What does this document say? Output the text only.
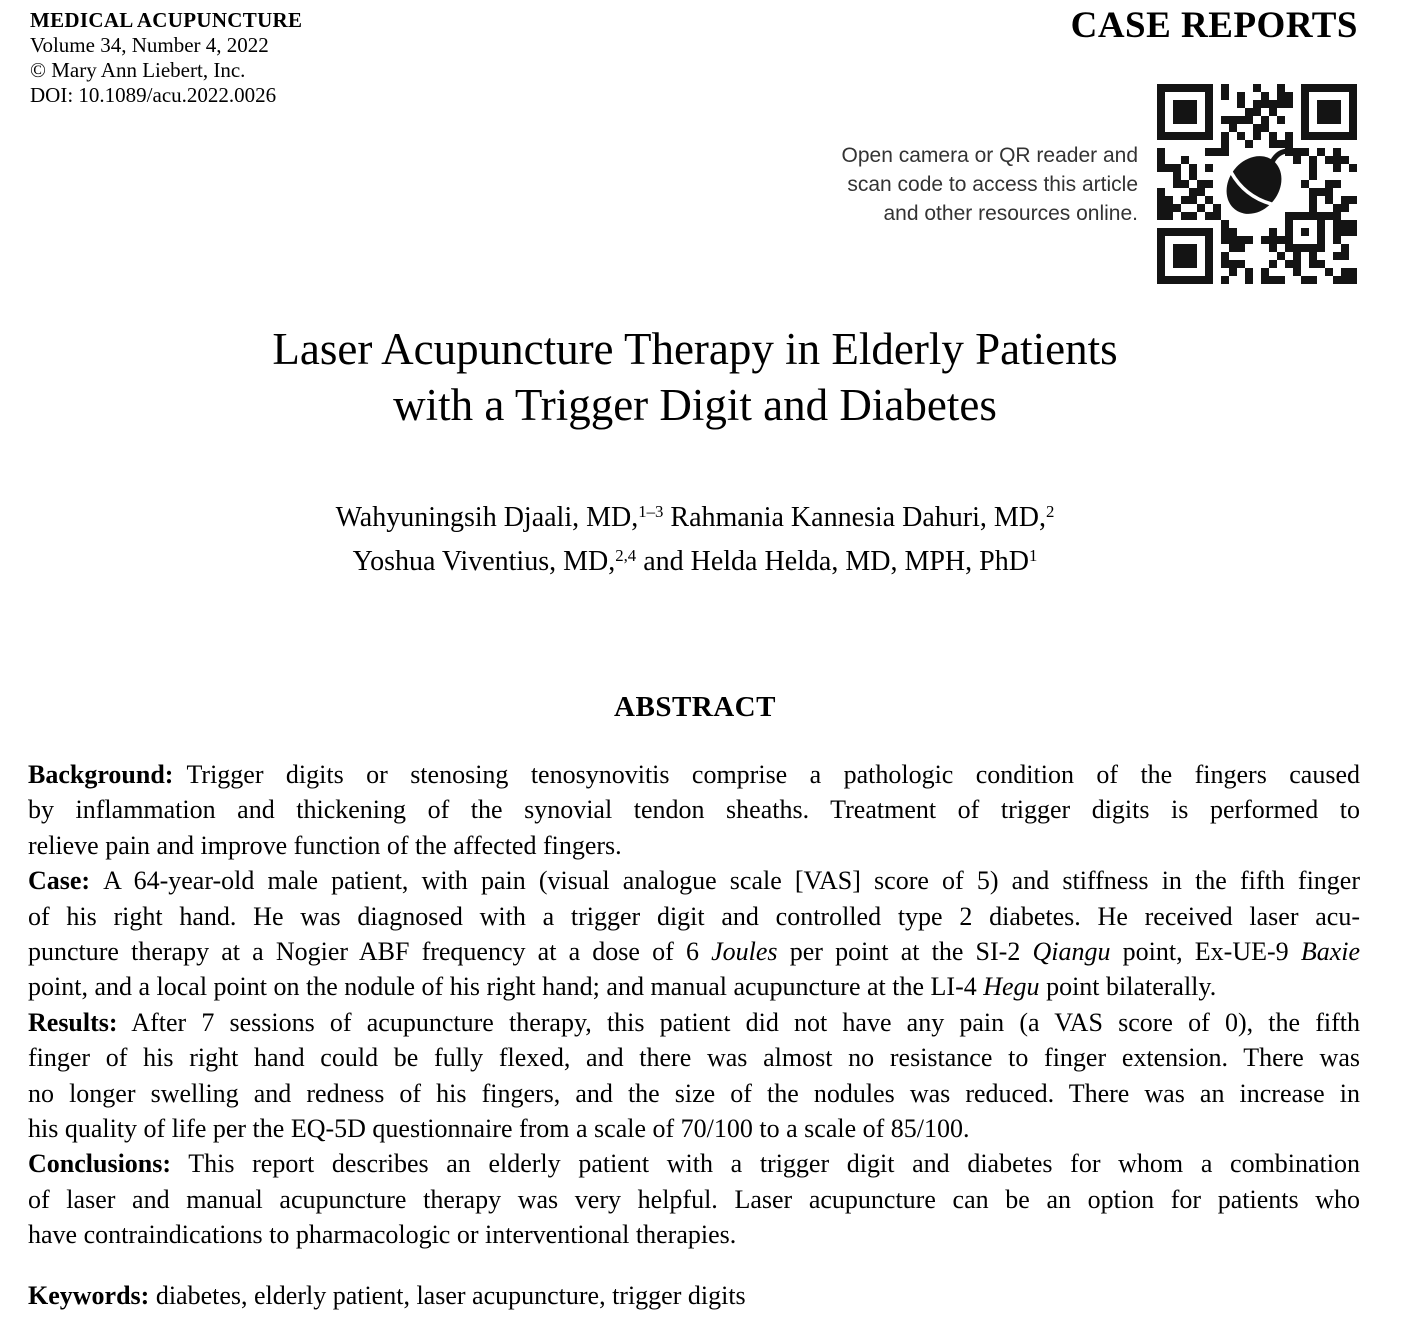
MEDICAL ACUPUNCTURE
Volume 34, Number 4, 2022
© Mary Ann Liebert, Inc.
DOI: 10.1089/acu.2022.0026
CASE REPORTS
Open camera or QR reader and
scan code to access this article
and other resources online.
Laser Acupuncture Therapy in Elderly Patients
with a Trigger Digit and Diabetes
Wahyuningsih Djaali, MD,$^{1-3}$ Rahmania Kannesia Dahuri, MD,$^2$
Yoshua Viventius, MD,$^{2,4}$ and Helda Helda, MD, MPH, PhD$^1$
ABSTRACT
Background: Trigger digits or stenosing tenosynovitis comprise a pathologic condition of the fingers caused
by inflammation and thickening of the synovial tendon sheaths. Treatment of trigger digits is performed to
relieve pain and improve function of the affected fingers.
Case: A 64-year-old male patient, with pain (visual analogue scale [VAS] score of 5) and stiffness in the fifth finger
of his right hand. He was diagnosed with a trigger digit and controlled type 2 diabetes. He received laser acu-
puncture therapy at a Nogier ABF frequency at a dose of 6 Joules per point at the SI-2 Qiangu point, Ex-UE-9 Baxie
point, and a local point on the nodule of his right hand; and manual acupuncture at the LI-4 Hegu point bilaterally.
Results: After 7 sessions of acupuncture therapy, this patient did not have any pain (a VAS score of 0), the fifth
finger of his right hand could be fully flexed, and there was almost no resistance to finger extension. There was
no longer swelling and redness of his fingers, and the size of the nodules was reduced. There was an increase in
his quality of life per the EQ-5D questionnaire from a scale of 70/100 to a scale of 85/100.
Conclusions: This report describes an elderly patient with a trigger digit and diabetes for whom a combination
of laser and manual acupuncture therapy was very helpful. Laser acupuncture can be an option for patients who
have contraindications to pharmacologic or interventional therapies.
Keywords: diabetes, elderly patient, laser acupuncture, trigger digits
